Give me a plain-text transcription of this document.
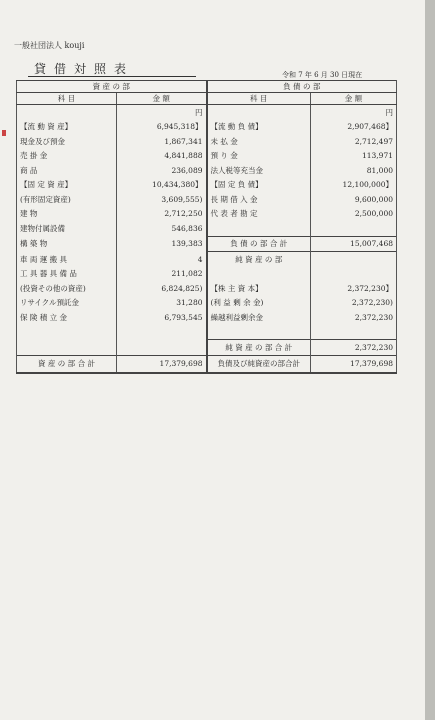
一般社団法人 kouji
貸借対照表	令和 7 年 6 月 30 日現在
資 産 の 部		負 債 の 部	
科 目	金 額	科 目	金 額
	円		円
【流 動 資 産】	6,945,318】	【流 動 負 債】	2,907,468】
現金及び預金	1,867,341	未 払 金	2,712,497
売 掛 金	4,841,888	預 り 金	113,971
商 品	236,089	法人税等充当金	81,000
【固 定 資 産】	10,434,380】	【固 定 負 債】	12,100,000】
(有形固定資産)	3,609,555)	長 期 借 入 金	9,600,000
建 物	2,712,250	代 表 者 勘 定	2,500,000
建物付属設備	546,836		
構 築 物	139,383	負 債 の 部 合 計	15,007,468
車 両 運 搬 具	4	純 資 産 の 部	
工 具 器 具 備 品	211,082		
(投資その他の資産)	6,824,825)	【株 主 資 本】	2,372,230】
リサイクル預託金	31,280	(利 益 剰 余 金)	2,372,230)
保 険 積 立 金	6,793,545	繰越利益剰余金	2,372,230

		純 資 産 の 部 合 計	2,372,230
資 産 の 部 合 計	17,379,698	負債及び純資産の部合計	17,379,698
